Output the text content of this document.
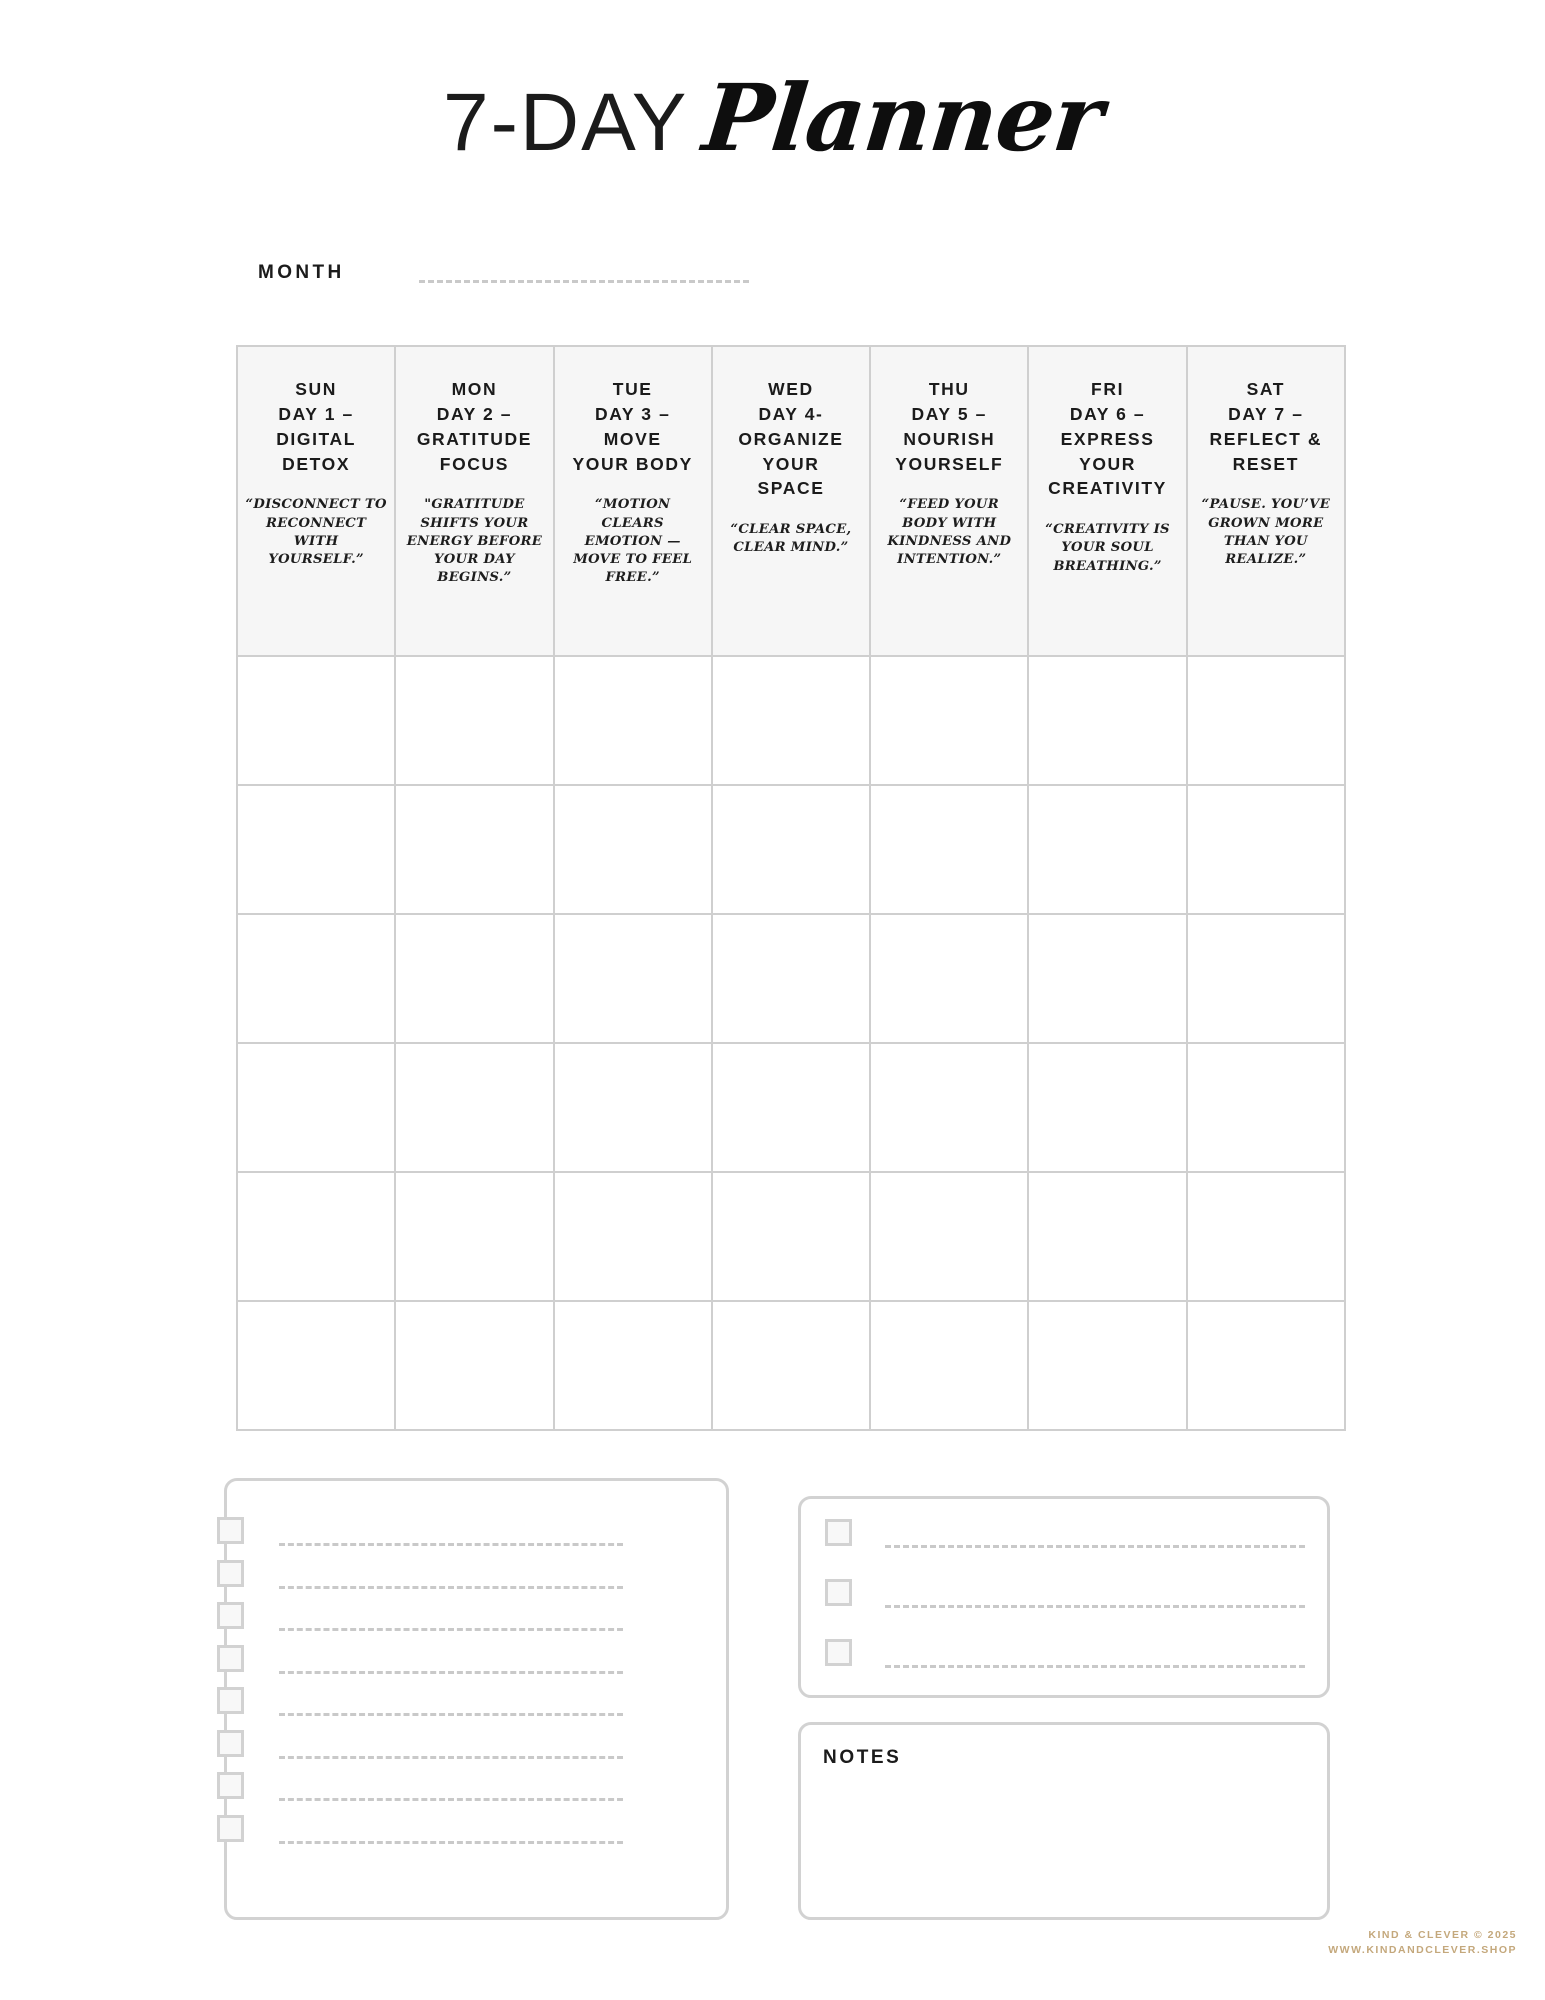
7-DAY Planner
MONTH
SUN
DAY 1 –
DIGITAL
DETOX
“DISCONNECT TO RECONNECT WITH YOURSELF.”
MON
DAY 2 –
GRATITUDE
FOCUS
"GRATITUDE SHIFTS YOUR ENERGY BEFORE YOUR DAY BEGINS.”
TUE
DAY 3 –
MOVE
YOUR BODY
“MOTION CLEARS EMOTION — MOVE TO FEEL FREE.”
WED
DAY 4-
ORGANIZE
YOUR
SPACE
“CLEAR SPACE, CLEAR MIND.”
THU
DAY 5 –
NOURISH
YOURSELF
“FEED YOUR BODY WITH KINDNESS AND INTENTION.”
FRI
DAY 6 –
EXPRESS
YOUR
CREATIVITY
“CREATIVITY IS YOUR SOUL BREATHING.”
SAT
DAY 7 –
REFLECT &
RESET
“PAUSE. YOU’VE GROWN MORE THAN YOU REALIZE.”
NOTES
KIND & CLEVER © 2025
WWW.KINDANDCLEVER.SHOP
